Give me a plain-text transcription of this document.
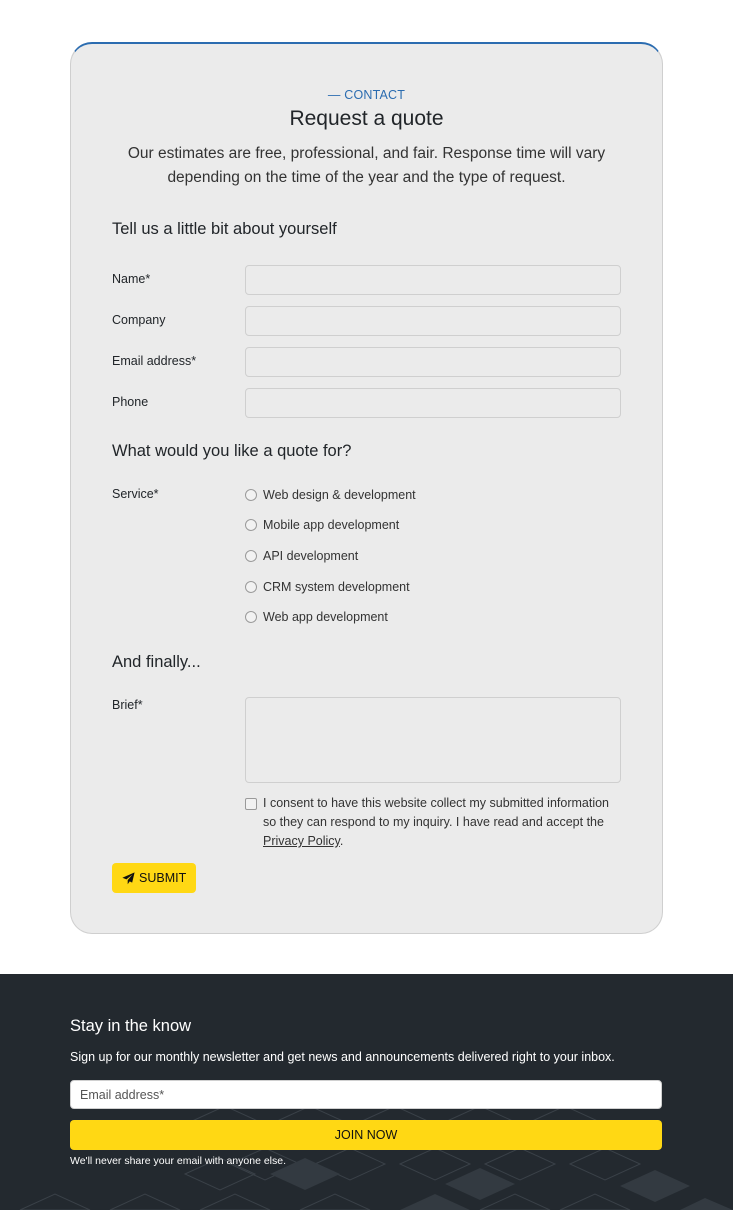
— CONTACT
Request a quote
Our estimates are free, professional, and fair. Response time will vary depending on the time of the year and the type of request.
Tell us a little bit about yourself
Name*
Company
Email address*
Phone
What would you like a quote for?
Service*	Web design & development
Mobile app development
API development
CRM system development
Web app development
And finally...
Brief*
I consent to have this website collect my submitted information so they can respond to my inquiry. I have read and accept the Privacy Policy.
SUBMIT
Stay in the know
Sign up for our monthly newsletter and get news and announcements delivered right to your inbox.
Email address*
JOIN NOW
We'll never share your email with anyone else.
